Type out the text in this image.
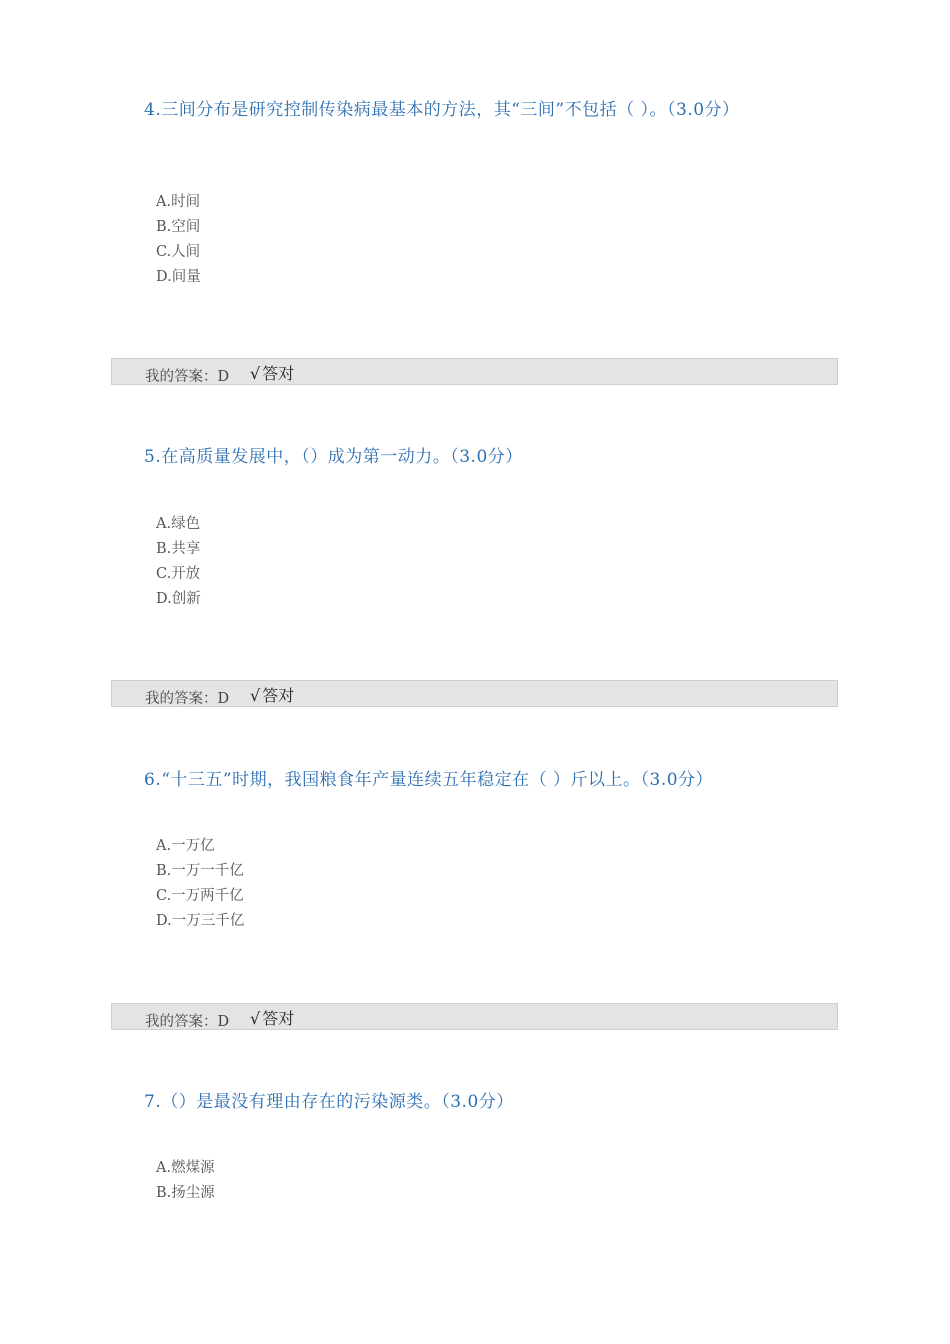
4.三间分布是研究控制传染病最基本的方法，其“三间”不包括（ ）。（3.0分）

A.时间
B.空间
C.人间
D.间量
我的答案：D √ 答对

5.在高质量发展中，（）成为第一动力。（3.0分）

A.绿色
B.共享
C.开放
D.创新
我的答案：D √ 答对

6.“十三五”时期，我国粮食年产量连续五年稳定在（ ）斤以上。（3.0分）

A.一万亿
B.一万一千亿
C.一万两千亿
D.一万三千亿
我的答案：D √ 答对

7.（）是最没有理由存在的污染源类。（3.0分）

A.燃煤源
B.扬尘源
